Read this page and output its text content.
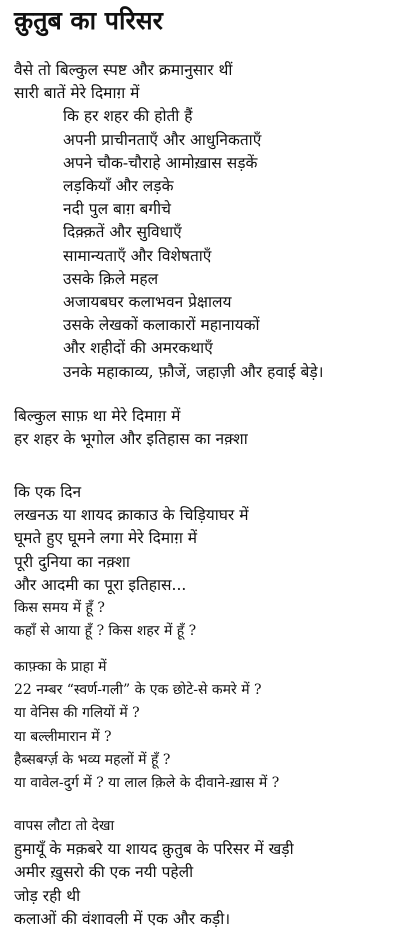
क़ुतुब का परिसर
वैसे तो बिल्कुल स्पष्ट और क्रमानुसार थीं
सारी बातें मेरे दिमाग़ में
कि हर शहर की होती हैं
अपनी प्राचीनताएँ और आधुनिकताएँ
अपने चौक-चौराहे आमोख़ास सड़कें
लड़कियाँ और लड़के
नदी पुल बाग़ बगीचे
दिक़्क़तें और सुविधाएँ
सामान्यताएँ और विशेषताएँ
उसके क़िले महल
अजायबघर कलाभवन प्रेक्षालय
उसके लेखकों कलाकारों महानायकों
और शहीदों की अमरकथाएँ
उनके महाकाव्य, फ़ौजें, जहाज़ी और हवाई बेड़े।
बिल्कुल साफ़ था मेरे दिमाग़ में
हर शहर के भूगोल और इतिहास का नक़्शा
कि एक दिन
लखनऊ या शायद क्राकाउ के चिड़ियाघर में
घूमते हुए घूमने लगा मेरे दिमाग़ में
पूरी दुनिया का नक़्शा
और आदमी का पूरा इतिहास...
किस समय में हूँ ?
कहाँ से आया हूँ ? किस शहर में हूँ ?
काफ़्का के प्राहा में
22 नम्बर “स्वर्ण-गली” के एक छोटे-से कमरे में ?
या वेनिस की गलियों में ?
या बल्लीमारान में ?
हैब्सबर्ग्ज़ के भव्य महलों में हूँ ?
या वावेल-दुर्ग में ? या लाल क़िले के दीवाने-ख़ास में ?
वापस लौटा तो देखा
हुमायूँ के मक़बरे या शायद क़ुतुब के परिसर में खड़ी
अमीर ख़ुसरो की एक नयी पहेली
जोड़ रही थी
कलाओं की वंशावली में एक और कड़ी।
